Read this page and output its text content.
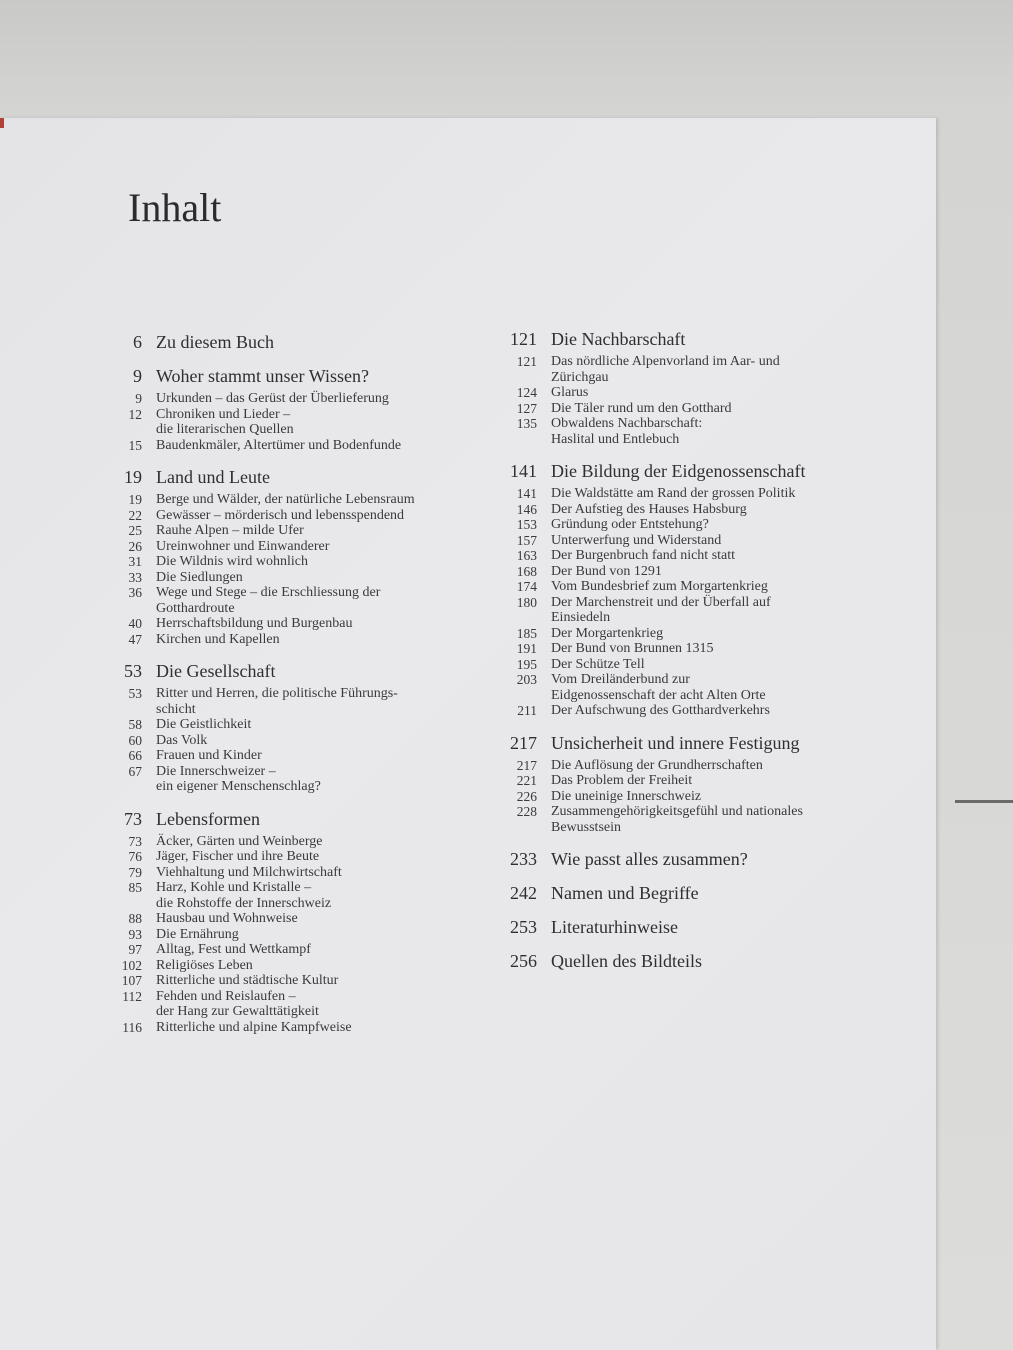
Inhalt
6 Zu diesem Buch
9 Woher stammt unser Wissen?
9 Urkunden – das Gerüst der Überlieferung
12 Chroniken und Lieder –
die literarischen Quellen
15 Baudenkmäler, Altertümer und Bodenfunde
19 Land und Leute
19 Berge und Wälder, der natürliche Lebensraum
22 Gewässer – mörderisch und lebensspendend
25 Rauhe Alpen – milde Ufer
26 Ureinwohner und Einwanderer
31 Die Wildnis wird wohnlich
33 Die Siedlungen
36 Wege und Stege – die Erschliessung der
Gotthardroute
40 Herrschaftsbildung und Burgenbau
47 Kirchen und Kapellen
53 Die Gesellschaft
53 Ritter und Herren, die politische Führungs-
schicht
58 Die Geistlichkeit
60 Das Volk
66 Frauen und Kinder
67 Die Innerschweizer –
ein eigener Menschenschlag?
73 Lebensformen
73 Äcker, Gärten und Weinberge
76 Jäger, Fischer und ihre Beute
79 Viehhaltung und Milchwirtschaft
85 Harz, Kohle und Kristalle –
die Rohstoffe der Innerschweiz
88 Hausbau und Wohnweise
93 Die Ernährung
97 Alltag, Fest und Wettkampf
102 Religiöses Leben
107 Ritterliche und städtische Kultur
112 Fehden und Reislaufen –
der Hang zur Gewalttätigkeit
116 Ritterliche und alpine Kampfweise
121 Die Nachbarschaft
121 Das nördliche Alpenvorland im Aar- und
Zürichgau
124 Glarus
127 Die Täler rund um den Gotthard
135 Obwaldens Nachbarschaft:
Haslital und Entlebuch
141 Die Bildung der Eidgenossenschaft
141 Die Waldstätte am Rand der grossen Politik
146 Der Aufstieg des Hauses Habsburg
153 Gründung oder Entstehung?
157 Unterwerfung und Widerstand
163 Der Burgenbruch fand nicht statt
168 Der Bund von 1291
174 Vom Bundesbrief zum Morgartenkrieg
180 Der Marchenstreit und der Überfall auf
Einsiedeln
185 Der Morgartenkrieg
191 Der Bund von Brunnen 1315
195 Der Schütze Tell
203 Vom Dreiländerbund zur
Eidgenossenschaft der acht Alten Orte
211 Der Aufschwung des Gotthardverkehrs
217 Unsicherheit und innere Festigung
217 Die Auflösung der Grundherrschaften
221 Das Problem der Freiheit
226 Die uneinige Innerschweiz
228 Zusammengehörigkeitsgefühl und nationales
Bewusstsein
233 Wie passt alles zusammen?
242 Namen und Begriffe
253 Literaturhinweise
256 Quellen des Bildteils
